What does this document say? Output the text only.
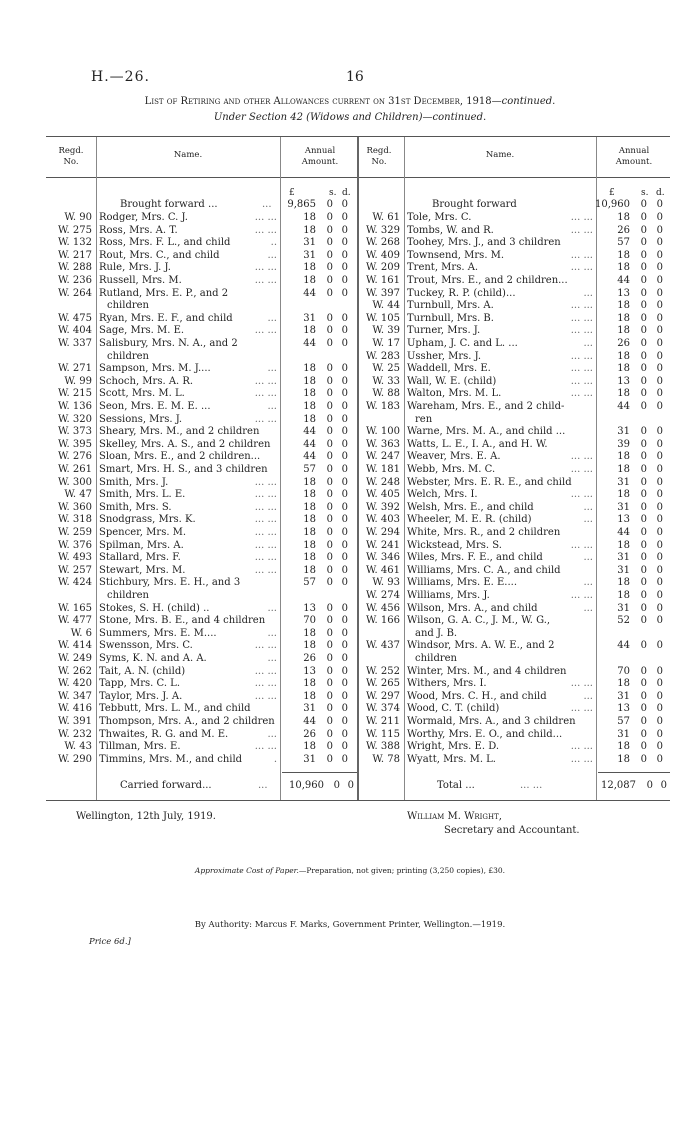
H.—26.	16
List of Retiring and other Allowances current on 31st December, 1918—continued.
Under Section 42 (Widows and Children)—continued.
Regd.
No.
Regd.
No.
Name.	Name.
Annual
Amount.
Annual
Amount.
£	s. d.	£	s. d.
Brought forward ...	...	9,865	0 0	Brought forward	10,960	0 0
W. 90 Rodger, Mrs. C. J.	... ...	18	0 0
W. 275 Ross, Mrs. A. T.	... ...	18	0 0
W. 132 Ross, Mrs. F. L., and child	..	31	0 0
W. 217 Rout, Mrs. C., and child	...	31	0 0
W. 288 Rule, Mrs. J. J.	... ...	18	0 0
W. 236 Russell, Mrs. M.	... ...	18	0 0
W. 264 Rutland, Mrs. E. P., and 2	44	0 0
children
W. 475 Ryan, Mrs. E. F., and child	...	31	0 0
W. 404 Sage, Mrs. M. E.	... ...	18	0 0
W. 337 Salisbury, Mrs. N. A., and 2	44	0 0
children
W. 271 Sampson, Mrs. M. J....	...	18	0 0
W. 99 Schoch, Mrs. A. R.	... ...	18	0 0
W. 215 Scott, Mrs. M. L.	... ...	18	0 0
W. 136 Seon, Mrs. E. M. E. ...	...	18	0 0
W. 320 Sessions, Mrs. J.	... ...	18	0 0
W. 373 Sheary, Mrs. M., and 2 children	44	0 0
W. 395 Skelley, Mrs. A. S., and 2 children	44	0 0
W. 276 Sloan, Mrs. E., and 2 children...	44	0 0
W. 261 Smart, Mrs. H. S., and 3 children	57	0 0
W. 300 Smith, Mrs. J.	... ...	18	0 0
W. 47 Smith, Mrs. L. E.	... ...	18	0 0
W. 360 Smith, Mrs. S.	... ...	18	0 0
W. 318 Snodgrass, Mrs. K.	... ...	18	0 0
W. 259 Spencer, Mrs. M.	... ...	18	0 0
W. 376 Spilman, Mrs. A.	... ...	18	0 0
W. 493 Stallard, Mrs. F.	... ...	18	0 0
W. 257 Stewart, Mrs. M.	... ...	18	0 0
W. 424 Stichbury, Mrs. E. H., and 3	57	0 0
children
W. 165 Stokes, S. H. (child) ..	...	13	0 0
W. 477 Stone, Mrs. B. E., and 4 children	70	0 0
W. 6 Summers, Mrs. E. M....	...	18	0 0
W. 414 Swensson, Mrs. C.	... ...	18	0 0
W. 249 Syms, K. N. and A. A.	...	26	0 0
W. 262 Tait, A. N. (child)	... ...	13	0 0
W. 420 Tapp, Mrs. C. L.	... ...	18	0 0
W. 347 Taylor, Mrs. J. A.	... ...	18	0 0
W. 416 Tebbutt, Mrs. L. M., and child	31	0 0
W. 391 Thompson, Mrs. A., and 2 children	44	0 0
W. 232 Thwaites, R. G. and M. E.	...	26	0 0
W. 43 Tillman, Mrs. E.	... ...	18	0 0
W. 290 Timmins, Mrs. M., and child	.	31	0 0
W. 61 Tole, Mrs. C.	... ...	18	0 0
W. 329 Tombs, W. and R.	... ...	26	0 0
W. 268 Toohey, Mrs. J., and 3 children	57	0 0
W. 409 Townsend, Mrs. M.	... ...	18	0 0
W. 209 Trent, Mrs. A.	... ...	18	0 0
W. 161 Trout, Mrs. E., and 2 children...	44	0 0
W. 397 Tuckey, R. P. (child)...	...	13	0 0
W. 44 Turnbull, Mrs. A.	... ...	18	0 0
W. 105 Turnbull, Mrs. B.	... ...	18	0 0
W. 39 Turner, Mrs. J.	... ...	18	0 0
W. 17 Upham, J. C. and L. ...	...	26	0 0
W. 283 Ussher, Mrs. J.	... ...	18	0 0
W. 25 Waddell, Mrs. E.	... ...	18	0 0
W. 33 Wall, W. E. (child)	... ...	13	0 0
W. 88 Walton, Mrs. M. L.	... ...	18	0 0
W. 183 Wareham, Mrs. E., and 2 child-	44	0 0
ren
W. 100 Warne, Mrs. M. A., and child ...	31	0 0
W. 363 Watts, L. E., I. A., and H. W.	39	0 0
W. 247 Weaver, Mrs. E. A.	... ...	18	0 0
W. 181 Webb, Mrs. M. C.	... ...	18	0 0
W. 248 Webster, Mrs. E. R. E., and child	31	0 0
W. 405 Welch, Mrs. I.	... ...	18	0 0
W. 392 Welsh, Mrs. E., and child	...	31	0 0
W. 403 Wheeler, M. E. R. (child)	...	13	0 0
W. 294 White, Mrs. R., and 2 children	44	0 0
W. 241 Wickstead, Mrs. S.	... ...	18	0 0
W. 346 Wiles, Mrs. F. E., and child	...	31	0 0
W. 461 Williams, Mrs. C. A., and child	31	0 0
W. 93 Williams, Mrs. E. E....	...	18	0 0
W. 274 Williams, Mrs. J.	... ...	18	0 0
W. 456 Wilson, Mrs. A., and child	...	31	0 0
W. 166 Wilson, G. A. C., J. M., W. G.,	52	0 0
and J. B.
W. 437 Windsor, Mrs. A. W. E., and 2	44	0 0
children
W. 252 Winter, Mrs. M., and 4 children	70	0 0
W. 265 Withers, Mrs. I.	... ...	18	0 0
W. 297 Wood, Mrs. C. H., and child	...	31	0 0
W. 374 Wood, C. T. (child)	... ...	13	0 0
W. 211 Wormald, Mrs. A., and 3 children	57	0 0
W. 115 Worthy, Mrs. E. O., and child...	31	0 0
W. 388 Wright, Mrs. E. D.	... ...	18	0 0
W. 78 Wyatt, Mrs. M. L.	... ...	18	0 0
Carried forward...	...	10,960 0 0	Total ...	... ...	12,087	0 0
Wellington, 12th July, 1919.	William M. Wright,
Secretary and Accountant.
Approximate Cost of Paper.—Preparation, not given; printing (3,250 copies), £30.
By Authority: Marcus F. Marks, Government Printer, Wellington.—1919.
Price 6d.]
